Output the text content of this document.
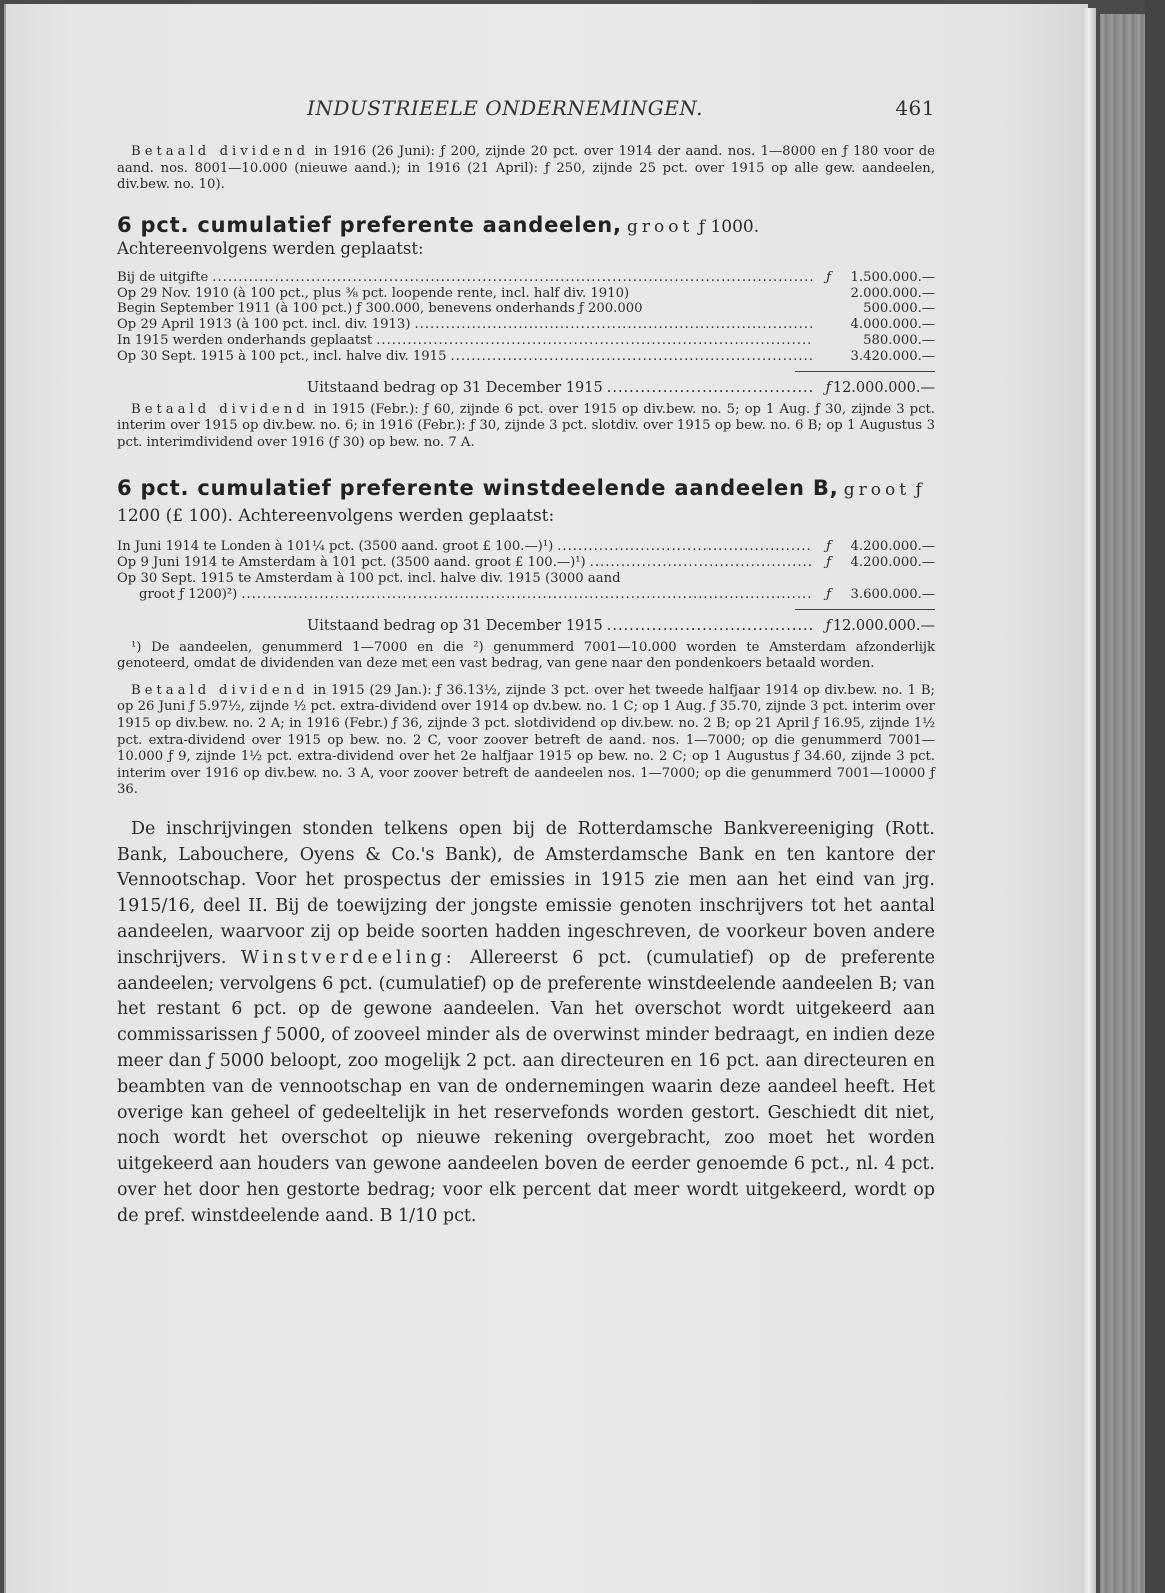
INDUSTRIEELE ONDERNEMINGEN.	461

Betaald dividend in 1916 (26 Juni): ƒ 200, zijnde 20 pct. over 1914 der aand. nos. 1—8000 en ƒ 180 voor de aand. nos. 8001—10.000 (nieuwe aand.); in 1916 (21 April): ƒ 250, zijnde 25 pct. over 1915 op alle gew. aandeelen, div.bew. no. 10).

6 pct. cumulatief preferente aandeelen, groot ƒ 1000.
Achtereenvolgens werden geplaatst:
Bij de uitgifte .....	ƒ	1.500.000.—
Op 29 Nov. 1910 (à 100 pct., plus ⅜ pct. loopende rente, incl. half div. 1910)	2.000.000.—
Begin September 1911 (à 100 pct.) ƒ 300.000, benevens onderhands ƒ 200.000	500.000.—
Op 29 April 1913 (à 100 pct. incl. div. 1913) .....	4.000.000.—
In 1915 werden onderhands geplaatst .....	580.000.—
Op 30 Sept. 1915 à 100 pct., incl. halve div. 1915 .....	3.420.000.—
Uitstaand bedrag op 31 December 1915 .....	ƒ 12.000.000.—

Betaald dividend in 1915 (Febr.): ƒ 60, zijnde 6 pct. over 1915 op div.bew. no. 5; op 1 Aug. ƒ 30, zijnde 3 pct. interim over 1915 op div.bew. no. 6; in 1916 (Febr.): ƒ 30, zijnde 3 pct. slotdiv. over 1915 op bew. no. 6 B; op 1 Augustus 3 pct. interimdividend over 1916 (ƒ 30) op bew. no. 7 A.

6 pct. cumulatief preferente winstdeelende aandeelen B, groot ƒ 1200 (£ 100). Achtereenvolgens werden geplaatst:
In Juni 1914 te Londen à 101¼ pct. (3500 aand. groot £ 100.—)¹) .....	ƒ	4.200.000.—
Op 9 Juni 1914 te Amsterdam à 101 pct. (3500 aand. groot £ 100.—)¹) .....	ƒ	4.200.000.—
Op 30 Sept. 1915 te Amsterdam à 100 pct. incl. halve div. 1915 (3000 aand
groot ƒ 1200)²) .....	ƒ	3.600.000.—
Uitstaand bedrag op 31 December 1915 .....	ƒ 12.000.000.—

¹) De aandeelen, genummerd 1—7000 en die ²) genummerd 7001—10.000 worden te Amsterdam afzonderlijk genoteerd, omdat de dividenden van deze met een vast bedrag, van gene naar den pondenkoers betaald worden.

Betaald dividend in 1915 (29 Jan.): ƒ 36.13½, zijnde 3 pct. over het tweede halfjaar 1914 op div.bew. no. 1 B; op 26 Juni ƒ 5.97½, zijnde ½ pct. extra-dividend over 1914 op dv.bew. no. 1 C; op 1 Aug. ƒ 35.70, zijnde 3 pct. interim over 1915 op div.bew. no. 2 A; in 1916 (Febr.) ƒ 36, zijnde 3 pct. slotdividend op div.bew. no. 2 B; op 21 April ƒ 16.95, zijnde 1½ pct. extra-dividend over 1915 op bew. no. 2 C, voor zoover betreft de aand. nos. 1—7000; op die genummerd 7001—10.000 ƒ 9, zijnde 1½ pct. extra-dividend over het 2e halfjaar 1915 op bew. no. 2 C; op 1 Augustus ƒ 34.60, zijnde 3 pct. interim over 1916 op div.bew. no. 3 A, voor zoover betreft de aandeelen nos. 1—7000; op die genummerd 7001—10000 ƒ 36.

De inschrijvingen stonden telkens open bij de Rotterdamsche Bankvereeniging (Rott. Bank, Labouchere, Oyens & Co.'s Bank), de Amsterdamsche Bank en ten kantore der Vennootschap. Voor het prospectus der emissies in 1915 zie men aan het eind van jrg. 1915/16, deel II. Bij de toewijzing der jongste emissie genoten inschrijvers tot het aantal aandeelen, waarvoor zij op beide soorten hadden ingeschreven, de voorkeur boven andere inschrijvers. Winstverdeeling: Allereerst 6 pct. (cumulatief) op de preferente aandeelen; vervolgens 6 pct. (cumulatief) op de preferente winstdeelende aandeelen B; van het restant 6 pct. op de gewone aandeelen. Van het overschot wordt uitgekeerd aan commissarissen ƒ 5000, of zooveel minder als de overwinst minder bedraagt, en indien deze meer dan ƒ 5000 beloopt, zoo mogelijk 2 pct. aan directeuren en 16 pct. aan directeuren en beambten van de vennootschap en van de ondernemingen waarin deze aandeel heeft. Het overige kan geheel of gedeeltelijk in het reservefonds worden gestort. Geschiedt dit niet, noch wordt het overschot op nieuwe rekening overgebracht, zoo moet het worden uitgekeerd aan houders van gewone aandeelen boven de eerder genoemde 6 pct., nl. 4 pct. over het door hen gestorte bedrag; voor elk percent dat meer wordt uitgekeerd, wordt op de pref. winstdeelende aand. B 1/10 pct.
